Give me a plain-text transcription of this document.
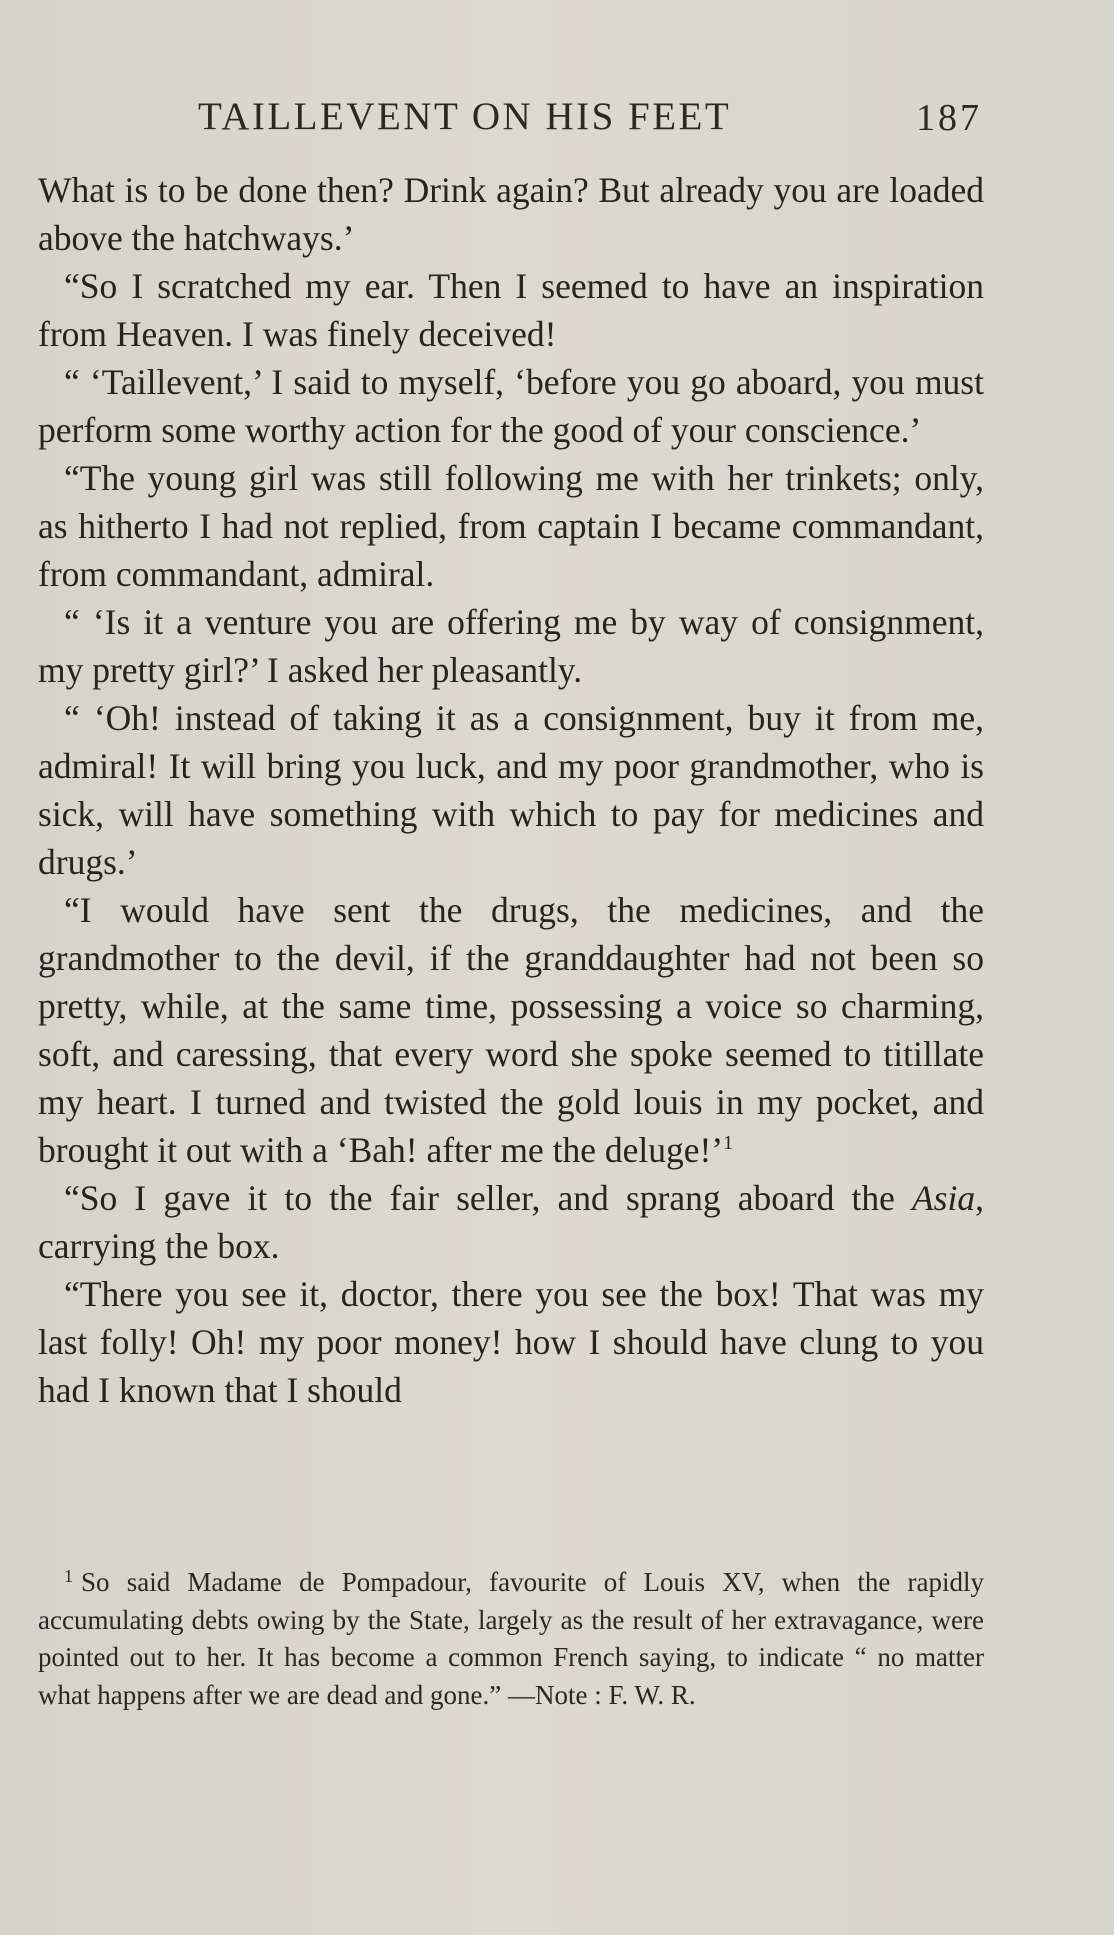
TAILLEVENT ON HIS FEET	187

What is to be done then? Drink again? But already you are loaded above the hatchways.’

“So I scratched my ear. Then I seemed to have an inspiration from Heaven. I was finely deceived!

“ ‘Taillevent,’ I said to myself, ‘before you go aboard, you must perform some worthy action for the good of your conscience.’

“The young girl was still following me with her trinkets; only, as hitherto I had not replied, from captain I became commandant, from commandant, admiral.

“ ‘Is it a venture you are offering me by way of consignment, my pretty girl?’ I asked her pleasantly.

“ ‘Oh! instead of taking it as a consignment, buy it from me, admiral! It will bring you luck, and my poor grandmother, who is sick, will have something with which to pay for medicines and drugs.’

“I would have sent the drugs, the medicines, and the grandmother to the devil, if the granddaughter had not been so pretty, while, at the same time, possessing a voice so charming, soft, and caressing, that every word she spoke seemed to titillate my heart. I turned and twisted the gold louis in my pocket, and brought it out with a ‘Bah! after me the deluge!’$^1$

“So I gave it to the fair seller, and sprang aboard the Asia, carrying the box.

“There you see it, doctor, there you see the box! That was my last folly! Oh! my poor money! how I should have clung to you had I known that I should

$^1$ So said Madame de Pompadour, favourite of Louis XV, when the rapidly accumulating debts owing by the State, largely as the result of her extravagance, were pointed out to her. It has become a common French saying, to indicate “ no matter what happens after we are dead and gone.” —Note : F. W. R.
